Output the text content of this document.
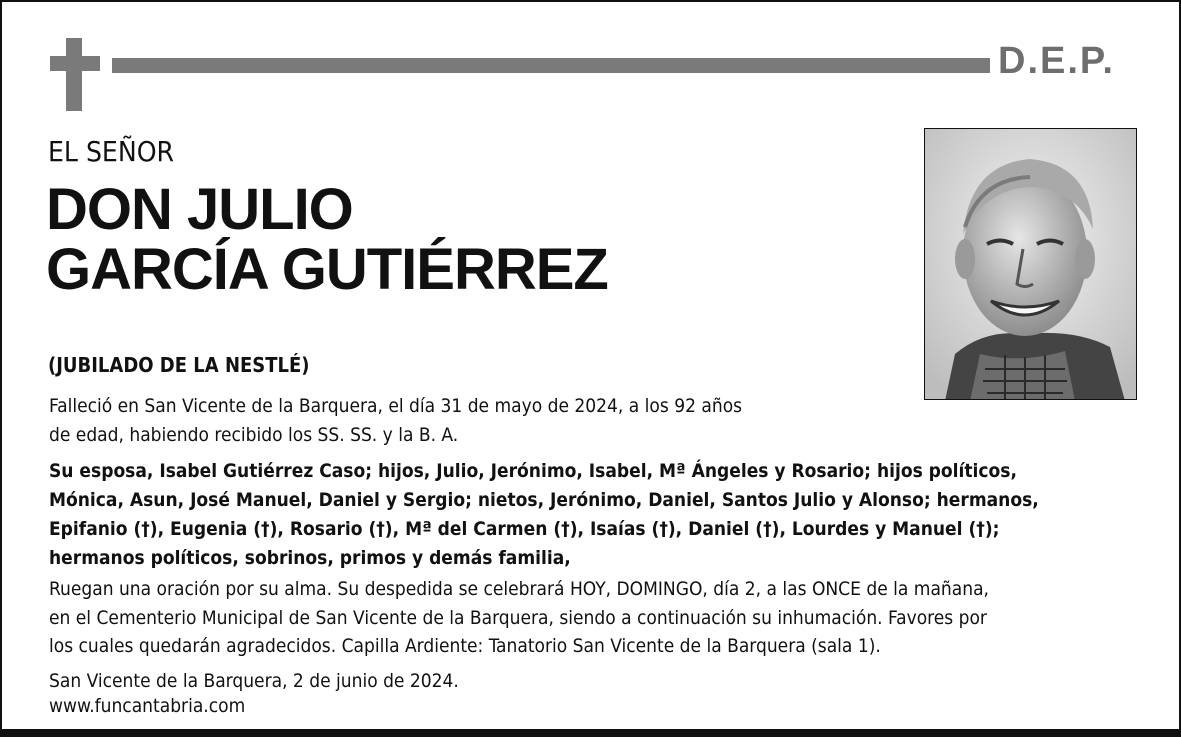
D.E.P.
EL SEÑOR
DON JULIO
GARCÍA GUTIÉRREZ
(JUBILADO DE LA NESTLÉ)
Falleció en San Vicente de la Barquera, el día 31 de mayo de 2024, a los 92 años
de edad, habiendo recibido los SS. SS. y la B. A.
Su esposa, Isabel Gutiérrez Caso; hijos, Julio, Jerónimo, Isabel, Mª Ángeles y Rosario; hijos políticos,
Mónica, Asun, José Manuel, Daniel y Sergio; nietos, Jerónimo, Daniel, Santos Julio y Alonso; hermanos,
Epifanio (†), Eugenia (†), Rosario (†), Mª del Carmen (†), Isaías (†), Daniel (†), Lourdes y Manuel (†);
hermanos políticos, sobrinos, primos y demás familia,
Ruegan una oración por su alma. Su despedida se celebrará HOY, DOMINGO, día 2, a las ONCE de la mañana,
en el Cementerio Municipal de San Vicente de la Barquera, siendo a continuación su inhumación. Favores por
los cuales quedarán agradecidos. Capilla Ardiente: Tanatorio San Vicente de la Barquera (sala 1).
San Vicente de la Barquera, 2 de junio de 2024.
www.funcantabria.com
